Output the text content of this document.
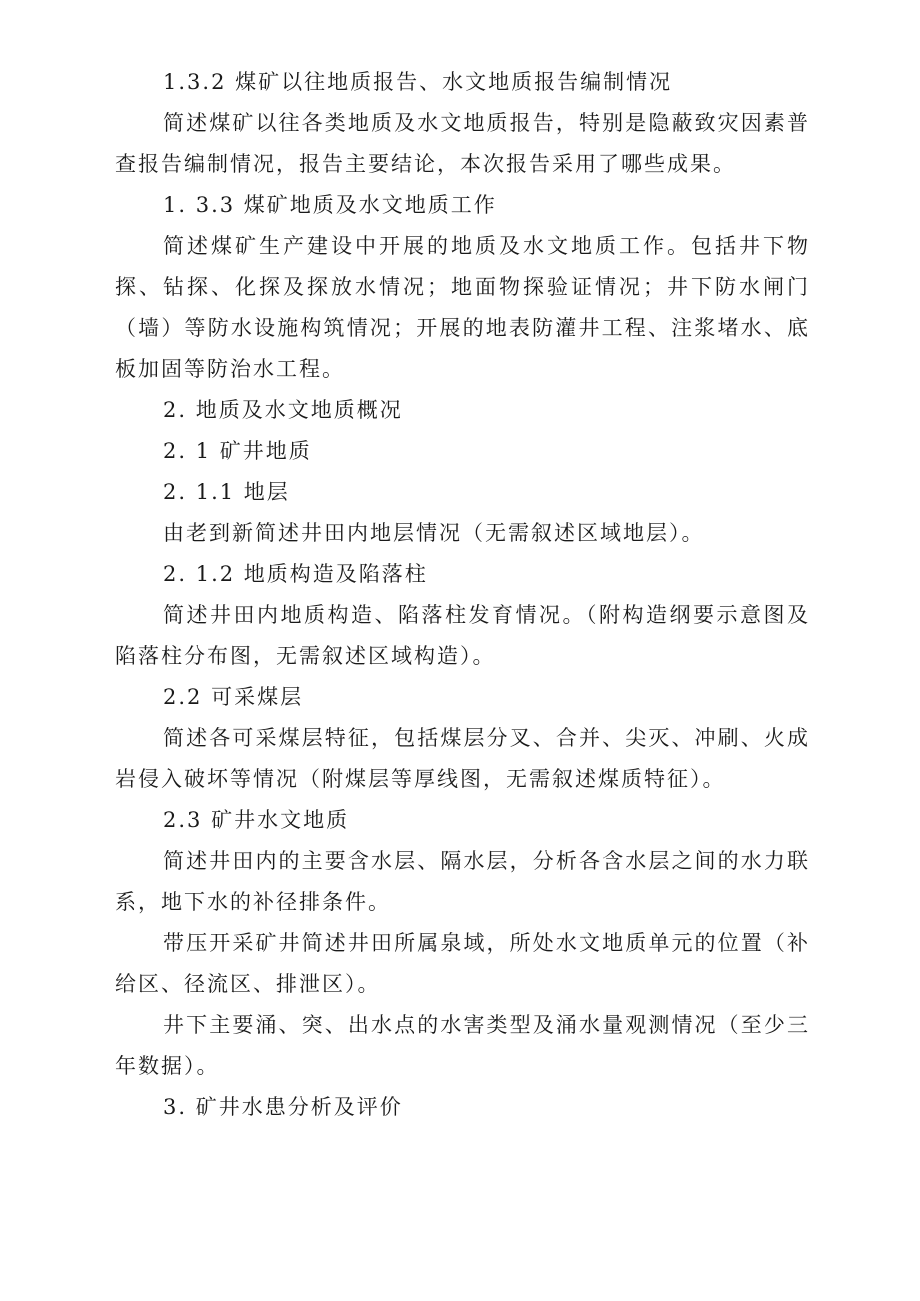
1.3.2 煤矿以往地质报告、水文地质报告编制情况

简述煤矿以往各类地质及水文地质报告，特别是隐蔽致灾因素普查报告编制情况，报告主要结论，本次报告采用了哪些成果。

1. 3.3 煤矿地质及水文地质工作

简述煤矿生产建设中开展的地质及水文地质工作。包括井下物探、钻探、化探及探放水情况；地面物探验证情况；井下防水闸门（墙）等防水设施构筑情况；开展的地表防灌井工程、注浆堵水、底板加固等防治水工程。

2. 地质及水文地质概况

2. 1 矿井地质

2. 1.1 地层

由老到新简述井田内地层情况（无需叙述区域地层）。

2. 1.2 地质构造及陷落柱

简述井田内地质构造、陷落柱发育情况。（附构造纲要示意图及陷落柱分布图，无需叙述区域构造）。

2.2 可采煤层

简述各可采煤层特征，包括煤层分叉、合并、尖灭、冲刷、火成岩侵入破坏等情况（附煤层等厚线图，无需叙述煤质特征）。

2.3 矿井水文地质

简述井田内的主要含水层、隔水层，分析各含水层之间的水力联系，地下水的补径排条件。

带压开采矿井简述井田所属泉域，所处水文地质单元的位置（补给区、径流区、排泄区）。

井下主要涌、突、出水点的水害类型及涌水量观测情况（至少三 年数据）。

3. 矿井水患分析及评价
